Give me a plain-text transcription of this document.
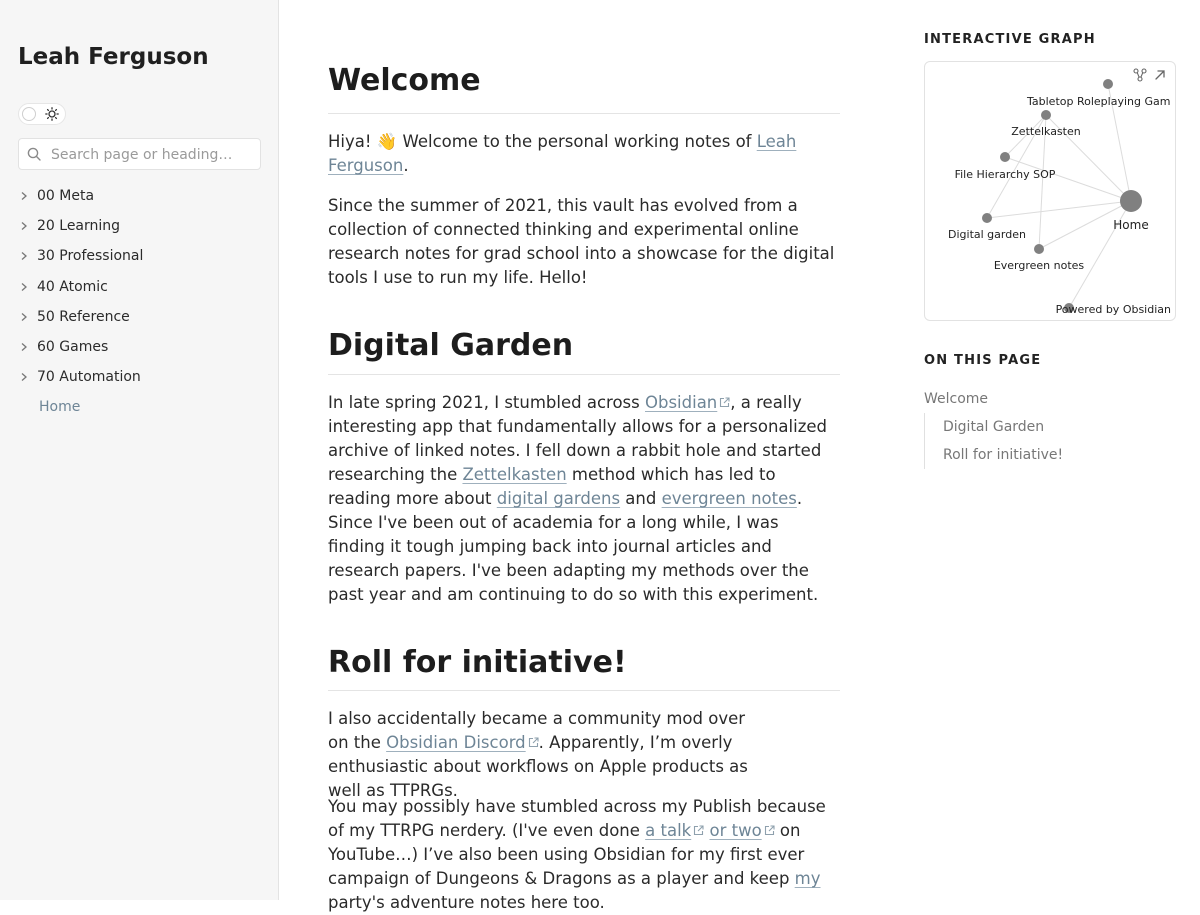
Leah Ferguson
Search page or heading…
00 Meta
20 Learning
30 Professional
40 Atomic
50 Reference
60 Games
70 Automation
Home
Welcome

Hiya! 👋 Welcome to the personal working notes of Leah Ferguson.

Since the summer of 2021, this vault has evolved from a collection of connected thinking and experimental online research notes for grad school into a showcase for the digital tools I use to run my life. Hello!

Digital Garden

In late spring 2021, I stumbled across Obsidian , a really interesting app that fundamentally allows for a personalized archive of linked notes. I fell down a rabbit hole and started researching the Zettelkasten method which has led to reading more about digital gardens and evergreen notes. Since I've been out of academia for a long while, I was finding it tough jumping back into journal articles and research papers. I've been adapting my methods over the past year and am continuing to do so with this experiment.

Roll for initiative!

I also accidentally became a community mod over on the Obsidian Discord . Apparently, I’m overly enthusiastic about workflows on Apple products as well as TTPRGs.

You may possibly have stumbled across my Publish because of my TTRPG nerdery. (I've even done a talk or two on YouTube…) I’ve also been using Obsidian for my first ever campaign of Dungeons & Dragons as a player and keep my party's adventure notes here too.

INTERACTIVE GRAPH
Tabletop Roleplaying Gam
Zettelkasten
File Hierarchy SOP
Home
Digital garden
Evergreen notes
Powered by Obsidian
ON THIS PAGE
Welcome
Digital Garden
Roll for initiative!
